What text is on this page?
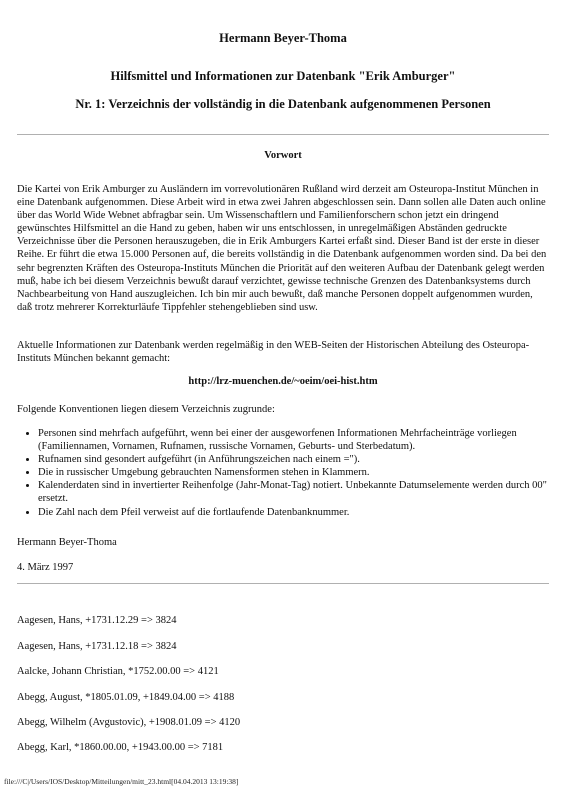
Hermann Beyer-Thoma
Hilfsmittel und Informationen zur Datenbank "Erik Amburger"
Nr. 1: Verzeichnis der vollständig in die Datenbank aufgenommenen Personen
Vorwort

Die Kartei von Erik Amburger zu Ausländern im vorrevolutionären Rußland wird derzeit am Osteuropa-Institut München in eine Datenbank aufgenommen. Diese Arbeit wird in etwa zwei Jahren abgeschlossen sein. Dann sollen alle Daten auch online über das World Wide Webnet abfragbar sein. Um Wissenschaftlern und Familienforschern schon jetzt ein dringend gewünschtes Hilfsmittel an die Hand zu geben, haben wir uns entschlossen, in unregelmäßigen Abständen gedruckte Verzeichnisse über die Personen herauszugeben, die in Erik Amburgers Kartei erfaßt sind. Dieser Band ist der erste in dieser Reihe. Er führt die etwa 15.000 Personen auf, die bereits vollständig in die Datenbank aufgenommen worden sind. Da bei den sehr begrenzten Kräften des Osteuropa-Instituts München die Priorität auf den weiteren Aufbau der Datenbank gelegt werden muß, habe ich bei diesem Verzeichnis bewußt darauf verzichtet, gewisse technische Grenzen des Datenbanksystems durch Nachbearbeitung von Hand auszugleichen. Ich bin mir auch bewußt, daß manche Personen doppelt aufgenommen wurden, daß trotz mehrerer Korrekturläufe Tippfehler stehengeblieben sind usw.

Aktuelle Informationen zur Datenbank werden regelmäßig in den WEB-Seiten der Historischen Abteilung des Osteuropa-Instituts München bekannt gemacht:

http://lrz-muenchen.de/~oeim/oei-hist.htm

Folgende Konventionen liegen diesem Verzeichnis zugrunde:

• Personen sind mehrfach aufgeführt, wenn bei einer der ausgeworfenen Informationen Mehrfacheinträge vorliegen (Familiennamen, Vornamen, Rufnamen, russische Vornamen, Geburts- und Sterbedatum).
• Rufnamen sind gesondert aufgeführt (in Anführungszeichen nach einem =").
• Die in russischer Umgebung gebrauchten Namensformen stehen in Klammern.
• Kalenderdaten sind in invertierter Reihenfolge (Jahr-Monat-Tag) notiert. Unbekannte Datumselemente werden durch 00" ersetzt.
• Die Zahl nach dem Pfeil verweist auf die fortlaufende Datenbanknummer.
Hermann Beyer-Thoma
4. März 1997
Aagesen, Hans, +1731.12.29 => 3824
Aagesen, Hans, +1731.12.18 => 3824
Aalcke, Johann Christian, *1752.00.00 => 4121
Abegg, August, *1805.01.09, +1849.04.00 => 4188
Abegg, Wilhelm (Avgustovic), +1908.01.09 => 4120
Abegg, Karl, *1860.00.00, +1943.00.00 => 7181
file:///C|/Users/IOS/Desktop/Mitteilungen/mitt_23.html[04.04.2013 13:19:38]
